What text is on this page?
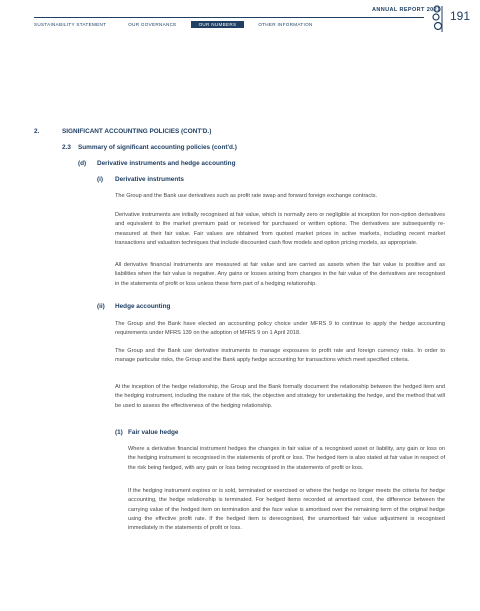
ANNUAL REPORT 2021 191
SUSTAINABILITY STATEMENT	OUR GOVERNANCE	OUR NUMBERS	OTHER INFORMATION
2.	SIGNIFICANT ACCOUNTING POLICIES (CONT'D.)
2.3 Summary of significant accounting policies (cont'd.)
(d) Derivative instruments and hedge accounting
(i) Derivative instruments
The Group and the Bank use derivatives such as profit rate swap and forward foreign exchange contracts.
Derivative instruments are initially recognised at fair value, which is normally zero or negligible at inception for non-option derivatives and equivalent to the market premium paid or received for purchased or written options. The derivatives are subsequently re-measured at their fair value. Fair values are obtained from quoted market prices in active markets, including recent market transactions and valuation techniques that include discounted cash flow models and option pricing models, as appropriate.
All derivative financial instruments are measured at fair value and are carried as assets when the fair value is positive and as liabilities when the fair value is negative. Any gains or losses arising from changes in the fair value of the derivatives are recognised in the statements of profit or loss unless these form part of a hedging relationship.
(ii) Hedge accounting
The Group and the Bank have elected an accounting policy choice under MFRS 9 to continue to apply the hedge accounting requirements under MFRS 139 on the adoption of MFRS 9 on 1 April 2018.
The Group and the Bank use derivative instruments to manage exposures to profit rate and foreign currency risks. In order to manage particular risks, the Group and the Bank apply hedge accounting for transactions which meet specified criteria.
At the inception of the hedge relationship, the Group and the Bank formally document the relationship between the hedged item and the hedging instrument, including the nature of the risk, the objective and strategy for undertaking the hedge, and the method that will be used to assess the effectiveness of the hedging relationship.
(1) Fair value hedge
Where a derivative financial instrument hedges the changes in fair value of a recognised asset or liability, any gain or loss on the hedging instrument is recognised in the statements of profit or loss. The hedged item is also stated at fair value in respect of the risk being hedged, with any gain or loss being recognised in the statements of profit or loss.
If the hedging instrument expires or is sold, terminated or exercised or where the hedge no longer meets the criteria for hedge accounting, the hedge relationship is terminated. For hedged items recorded at amortised cost, the difference between the carrying value of the hedged item on termination and the face value is amortised over the remaining term of the original hedge using the effective profit rate. If the hedged item is derecognised, the unamortised fair value adjustment is recognised immediately in the statements of profit or loss.
